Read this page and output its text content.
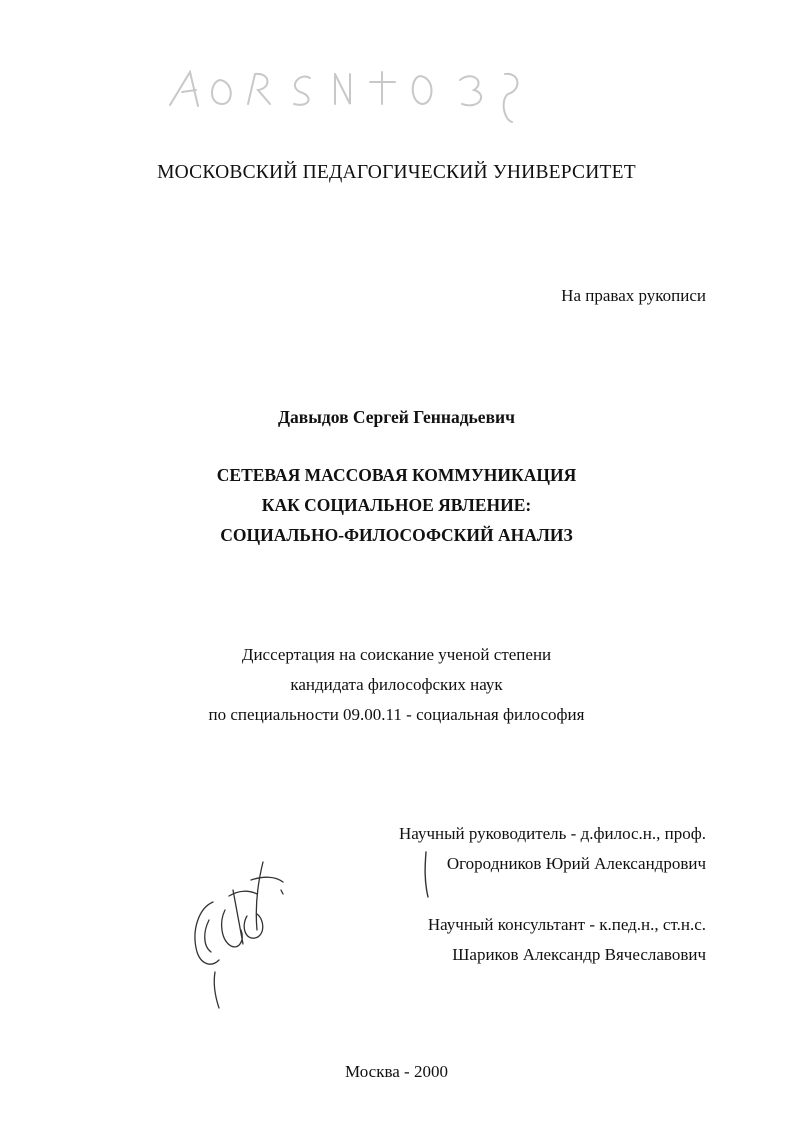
МОСКОВСКИЙ ПЕДАГОГИЧЕСКИЙ УНИВЕРСИТЕТ
На правах рукописи
Давыдов Сергей Геннадьевич
СЕТЕВАЯ МАССОВАЯ КОММУНИКАЦИЯ
КАК СОЦИАЛЬНОЕ ЯВЛЕНИЕ:
СОЦИАЛЬНО-ФИЛОСОФСКИЙ АНАЛИЗ
Диссертация на соискание ученой степени
кандидата философских наук
по специальности 09.00.11 - социальная философия
Научный руководитель - д.филос.н., проф.
Огородников Юрий Александрович
Научный консультант - к.пед.н., ст.н.с.
Шариков Александр Вячеславович
Москва - 2000
